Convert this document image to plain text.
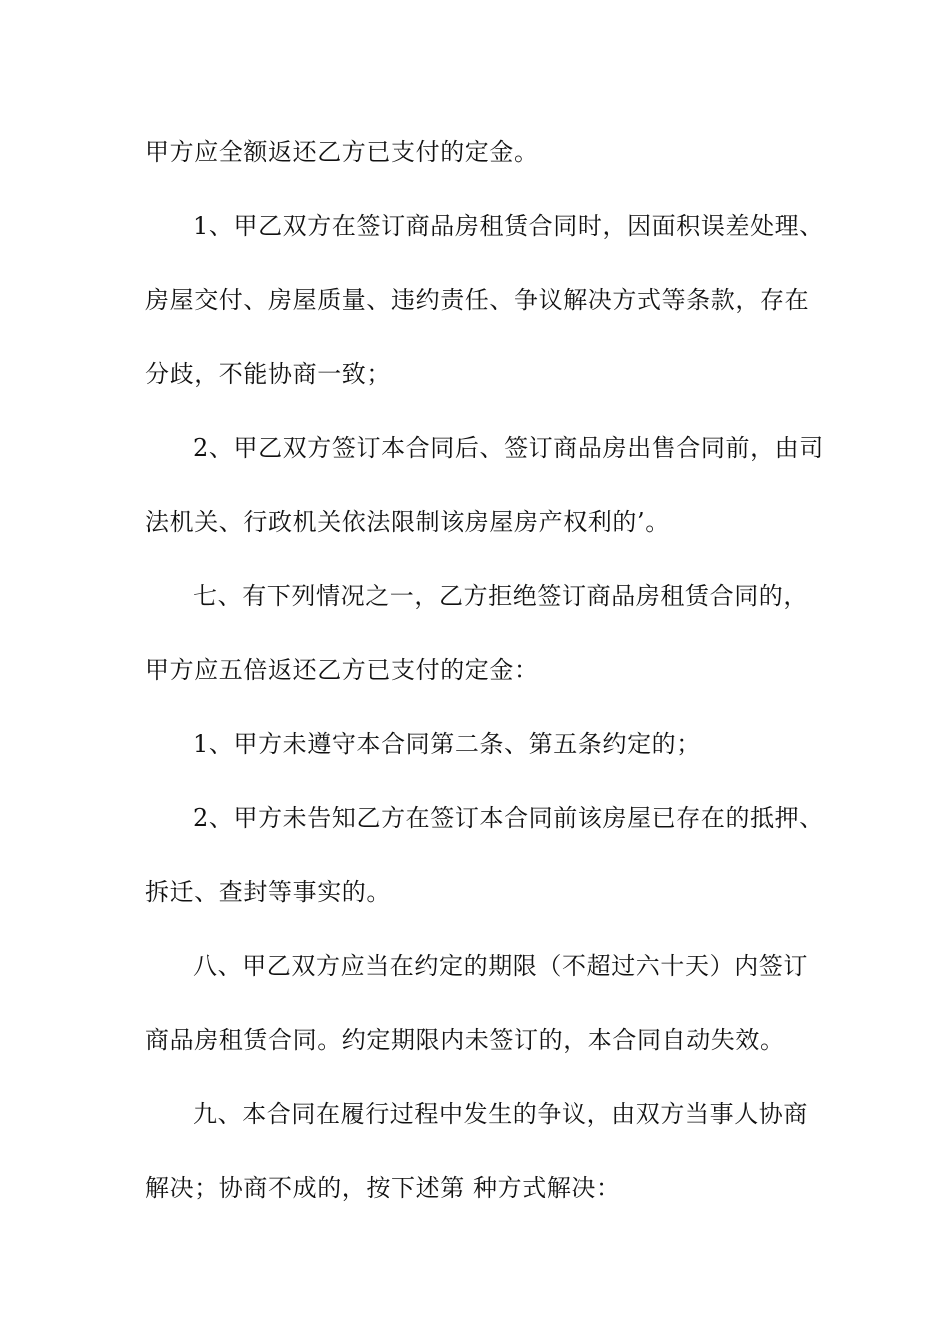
甲方应全额返还乙方已支付的定金。

1、甲乙双方在签订商品房租赁合同时，因面积误差处理、

房屋交付、房屋质量、违约责任、争议解决方式等条款，存在

分歧，不能协商一致；

2、甲乙双方签订本合同后、签订商品房出售合同前，由司

法机关、行政机关依法限制该房屋房产权利的’。

七、有下列情况之一，乙方拒绝签订商品房租赁合同的，

甲方应五倍返还乙方已支付的定金：

1、甲方未遵守本合同第二条、第五条约定的；

2、甲方未告知乙方在签订本合同前该房屋已存在的抵押、

拆迁、查封等事实的。

八、甲乙双方应当在约定的期限（不超过六十天）内签订

商品房租赁合同。约定期限内未签订的，本合同自动失效。

九、本合同在履行过程中发生的争议，由双方当事人协商

解决；协商不成的，按下述第 种方式解决：
